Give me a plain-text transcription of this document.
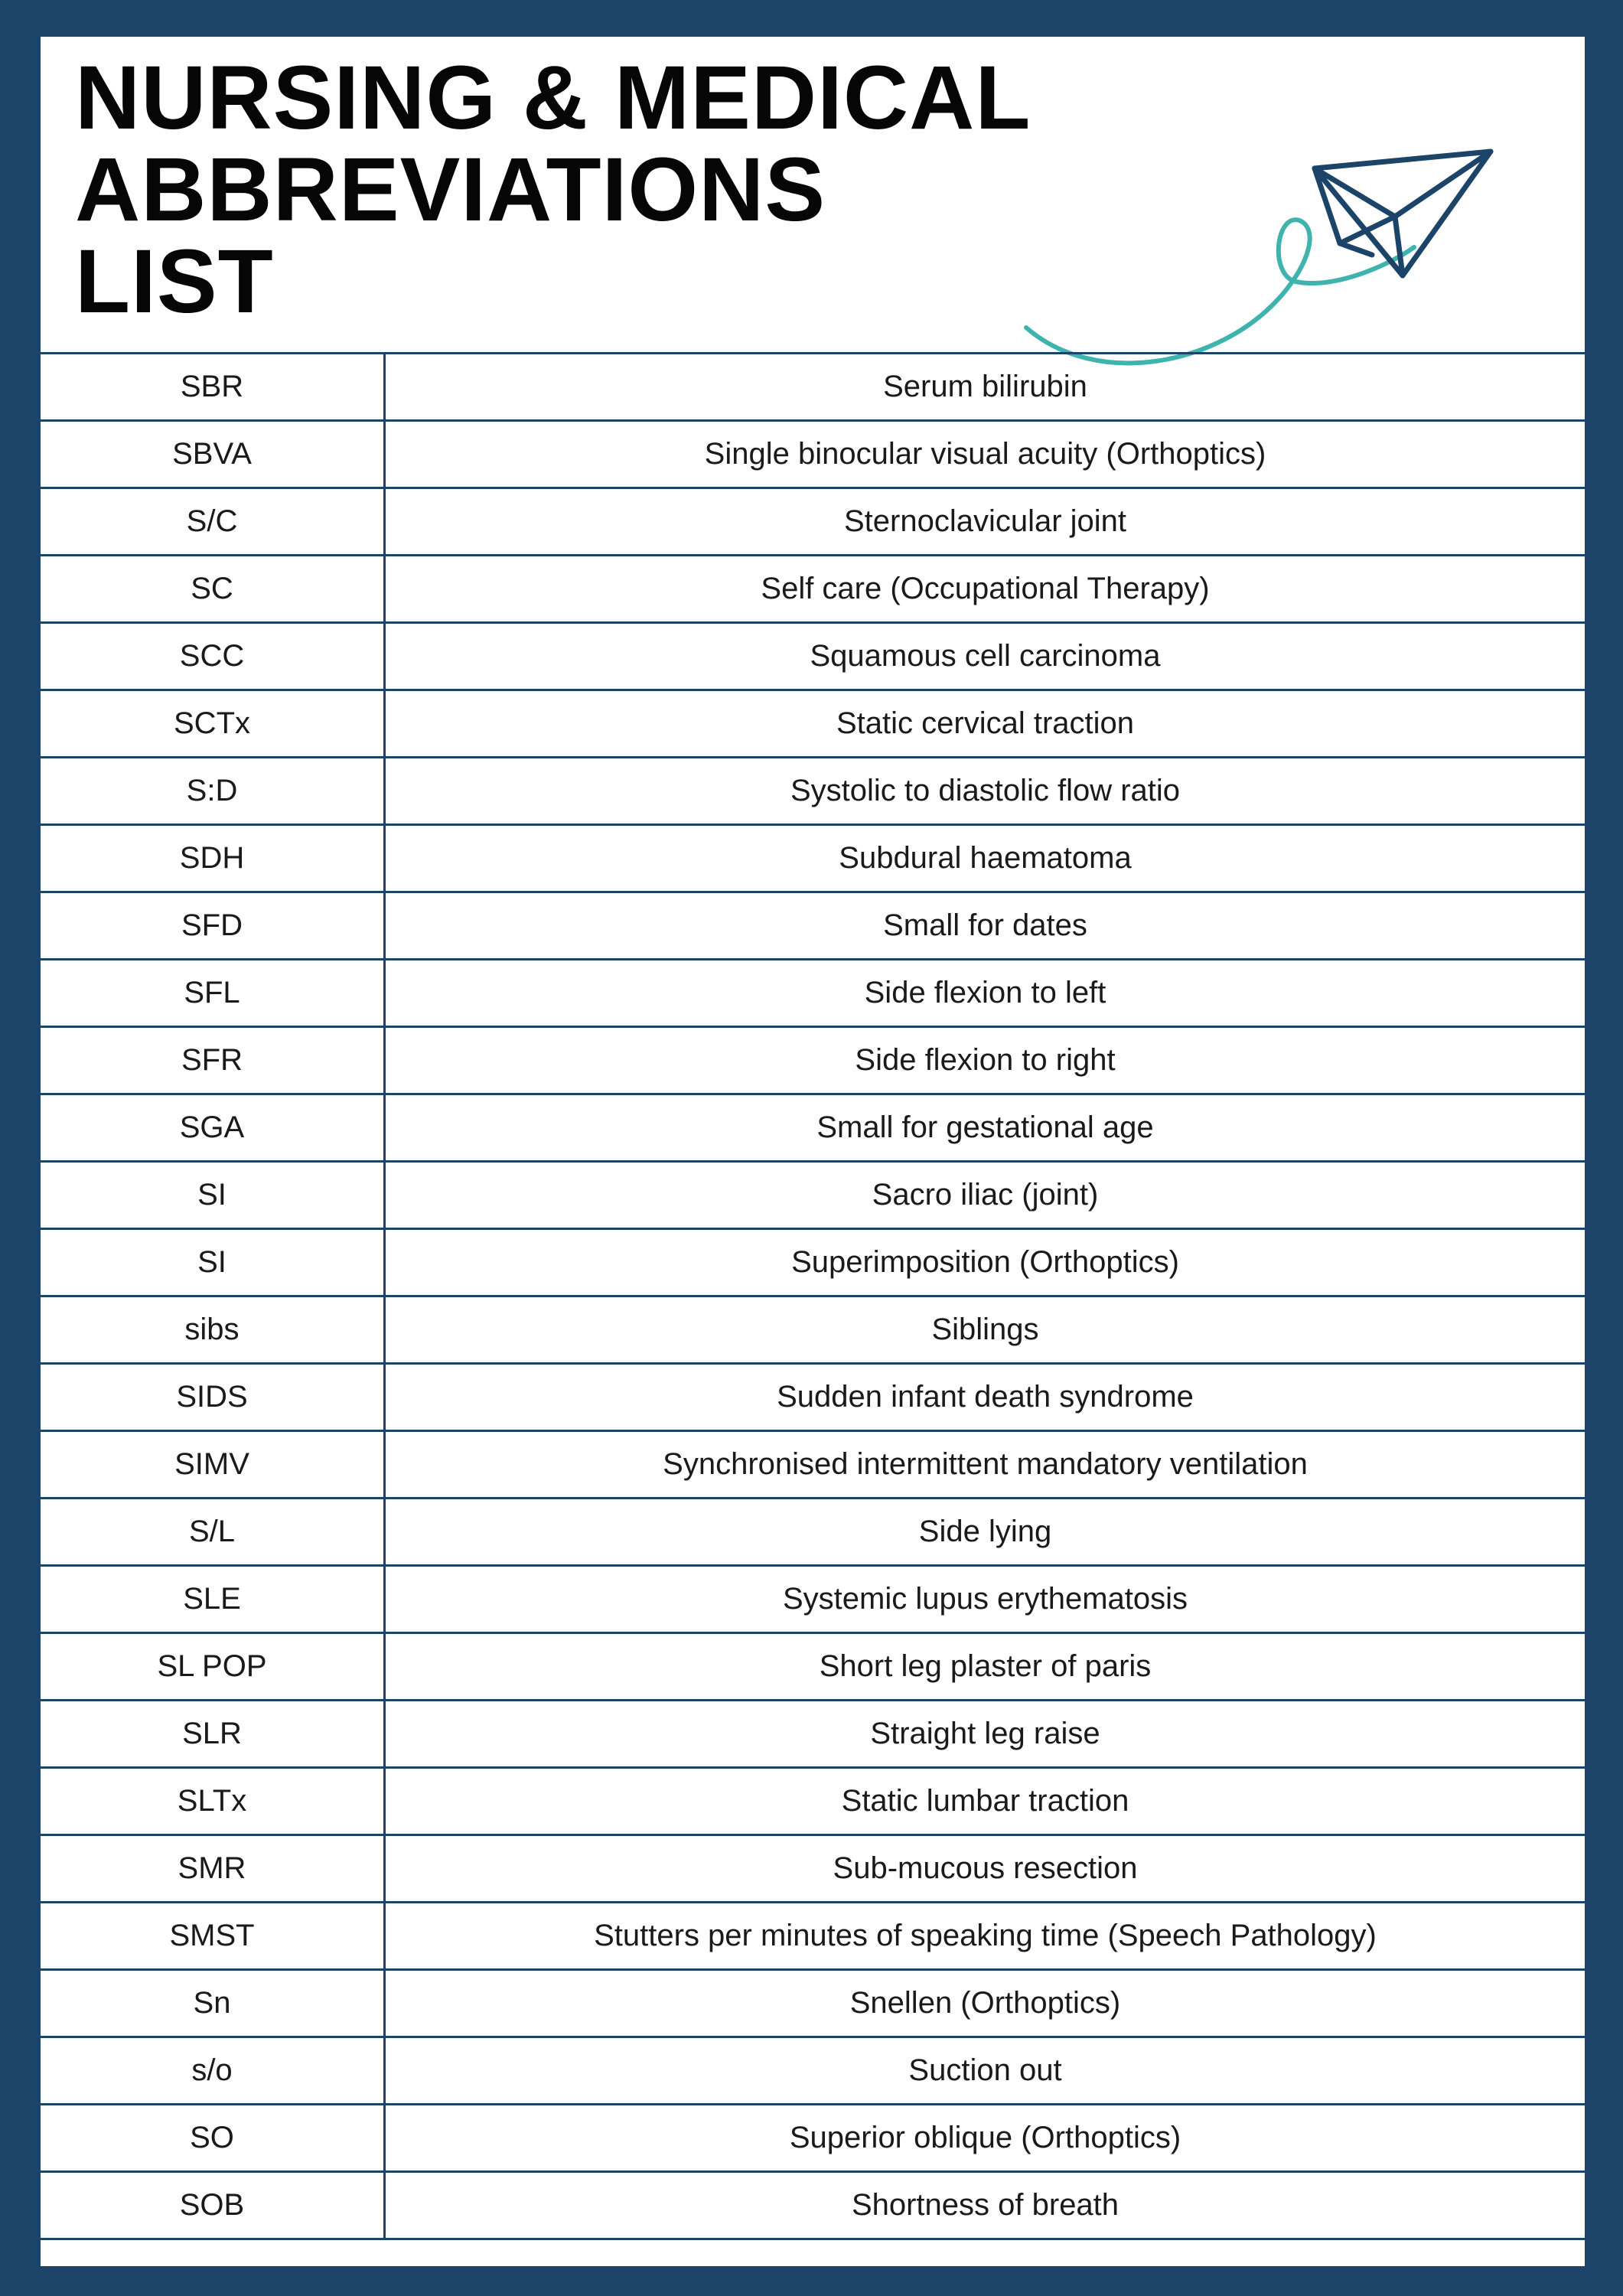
NURSING & MEDICAL
ABBREVIATIONS
LIST
SBR	Serum bilirubin
SBVA	Single binocular visual acuity (Orthoptics)
S/C	Sternoclavicular joint
SC	Self care (Occupational Therapy)
SCC	Squamous cell carcinoma
SCTx	Static cervical traction
S:D	Systolic to diastolic flow ratio
SDH	Subdural haematoma
SFD	Small for dates
SFL	Side flexion to left
SFR	Side flexion to right
SGA	Small for gestational age
SI	Sacro iliac (joint)
SI	Superimposition (Orthoptics)
sibs	Siblings
SIDS	Sudden infant death syndrome
SIMV	Synchronised intermittent mandatory ventilation
S/L	Side lying
SLE	Systemic lupus erythematosis
SL POP	Short leg plaster of paris
SLR	Straight leg raise
SLTx	Static lumbar traction
SMR	Sub-mucous resection
SMST	Stutters per minutes of speaking time (Speech Pathology)
Sn	Snellen (Orthoptics)
s/o	Suction out
SO	Superior oblique (Orthoptics)
SOB	Shortness of breath
